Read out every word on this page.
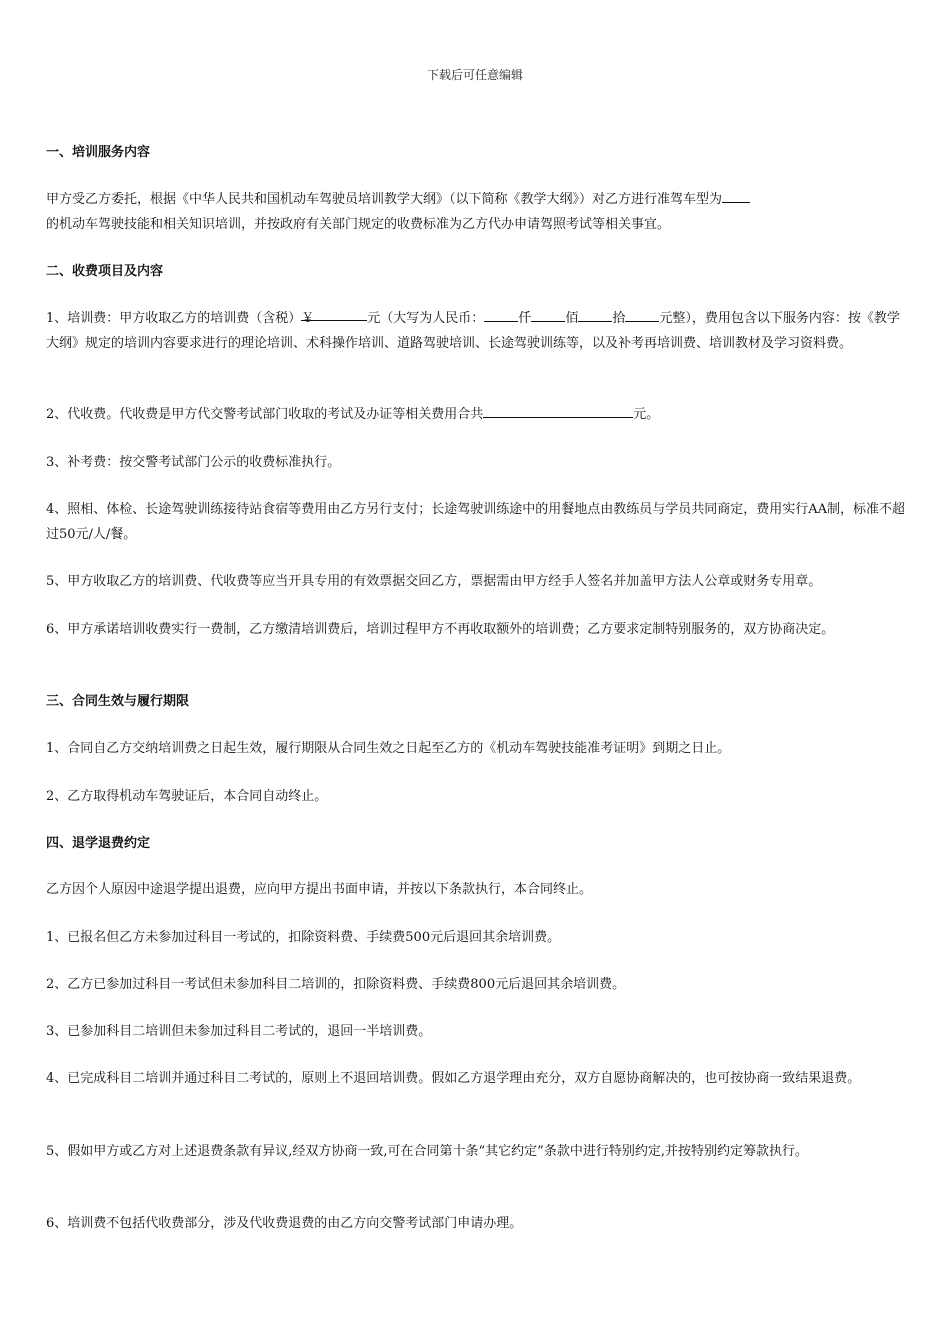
下载后可任意编辑
一、培训服务内容
甲方受乙方委托，根据《中华人民共和国机动车驾驶员培训教学大纲》（以下简称《教学大纲》）对乙方进行准驾车型为
的机动车驾驶技能和相关知识培训，并按政府有关部门规定的收费标准为乙方代办申请驾照考试等相关事宜。
二、收费项目及内容
1、培训费：甲方收取乙方的培训费（含税）￥	元（大写为人民币：	仟	佰	拾	元整），费用包含以下服务内容：按《教学大纲》规定的培训内容要求进行的理论培训、术科操作培训、道路驾驶培训、长途驾驶训练等，以及补考再培训费、培训教材及学习资料费。
2、代收费。代收费是甲方代交警考试部门收取的考试及办证等相关费用合共	元。
3、补考费：按交警考试部门公示的收费标准执行。
4、照相、体检、长途驾驶训练接待站食宿等费用由乙方另行支付；长途驾驶训练途中的用餐地点由教练员与学员共同商定，费用实行AA制，标准不超过50元/人/餐。
5、甲方收取乙方的培训费、代收费等应当开具专用的有效票据交回乙方，票据需由甲方经手人签名并加盖甲方法人公章或财务专用章。
6、甲方承诺培训收费实行一费制，乙方缴清培训费后，培训过程甲方不再收取额外的培训费；乙方要求定制特别服务的，双方协商决定。
三、合同生效与履行期限
1、合同自乙方交纳培训费之日起生效，履行期限从合同生效之日起至乙方的《机动车驾驶技能准考证明》到期之日止。
2、乙方取得机动车驾驶证后，本合同自动终止。
四、退学退费约定
乙方因个人原因中途退学提出退费，应向甲方提出书面申请，并按以下条款执行，本合同终止。
1、已报名但乙方未参加过科目一考试的，扣除资料费、手续费500元后退回其余培训费。
2、乙方已参加过科目一考试但未参加科目二培训的，扣除资料费、手续费800元后退回其余培训费。
3、已参加科目二培训但未参加过科目二考试的，退回一半培训费。
4、已完成科目二培训并通过科目二考试的，原则上不退回培训费。假如乙方退学理由充分，双方自愿协商解决的，也可按协商一致结果退费。
5、假如甲方或乙方对上述退费条款有异议,经双方协商一致,可在合同第十条“其它约定”条款中进行特别约定,并按特别约定筹款执行。
6、培训费不包括代收费部分，涉及代收费退费的由乙方向交警考试部门申请办理。
